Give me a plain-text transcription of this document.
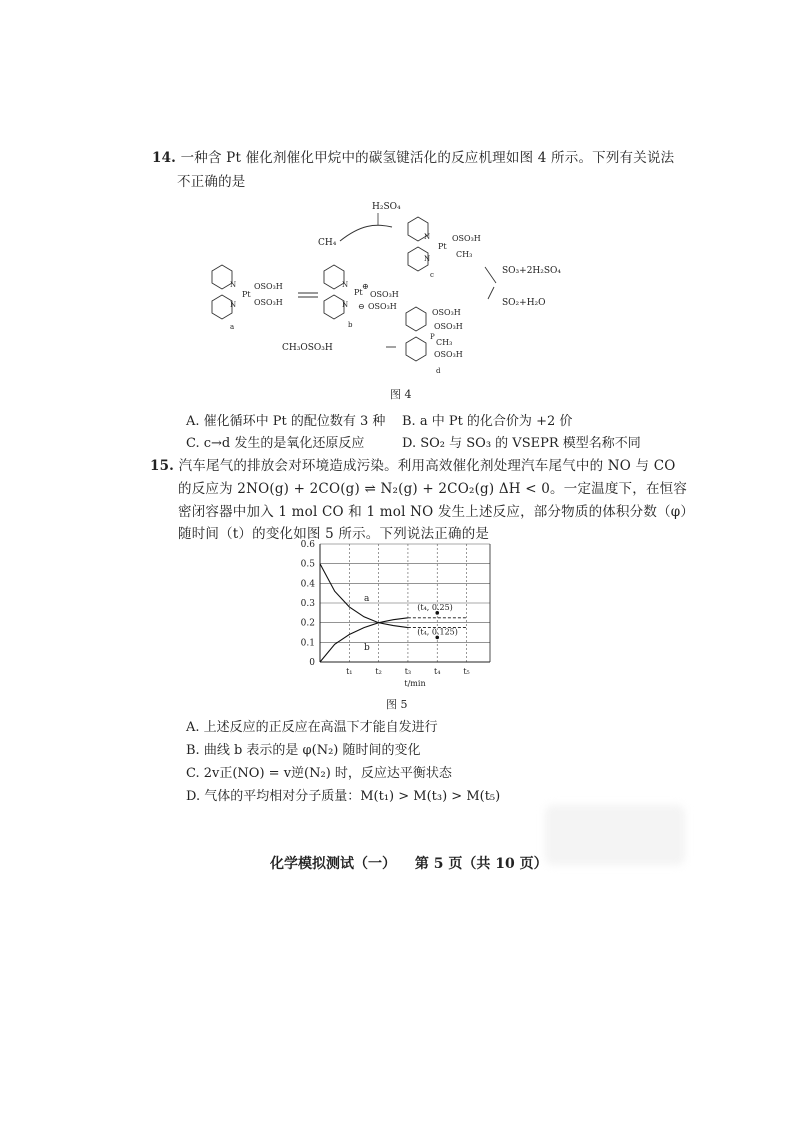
14. 一种含 Pt 催化剂催化甲烷中的碳氢键活化的反应机理如图 4 所示。下列有关说法
不正确的是
H₂SO₄
CH₄
N
N
Pt
OSO₃H
CH₃
c	SO₃+2H₂SO₄
SO₂+H₂O
N
N
Pt
OSO₃H
OSO₃H
a
N
N
Pt
⊕
OSO₃H
⊖ OSO₃H
b
CH₃OSO₃H
OSO₃H
OSO₃H
P
CH₃
OSO₃H
d
图 4
A. 催化循环中 Pt 的配位数有 3 种 B. a 中 Pt 的化合价为 +2 价
C. c→d 发生的是氧化还原反应	D. SO₂ 与 SO₃ 的 VSEPR 模型名称不同
15. 汽车尾气的排放会对环境造成污染。利用高效催化剂处理汽车尾气中的 NO 与 CO
的反应为 2NO(g) + 2CO(g) ⇌ N₂(g) + 2CO₂(g) ΔH < 0。一定温度下，在恒容
密闭容器中加入 1 mol CO 和 1 mol NO 发生上述反应，部分物质的体积分数（φ）
随时间（t）的变化如图 5 所示。下列说法正确的是
0
0.1
0.2
0.3
0.4
0.5
0.6
t₁	t₂	t₃	t₄	t₅
t/min
a
b
(t₄, 0.25)
(t₄, 0.125)
图 5
A. 上述反应的正反应在高温下才能自发进行
B. 曲线 b 表示的是 φ(N₂) 随时间的变化
C. 2v正(NO) = v逆(N₂) 时，反应达平衡状态
D. 气体的平均相对分子质量：M(t₁) > M(t₃) > M(t₅)
化学模拟测试（一） 第 5 页（共 10 页）
